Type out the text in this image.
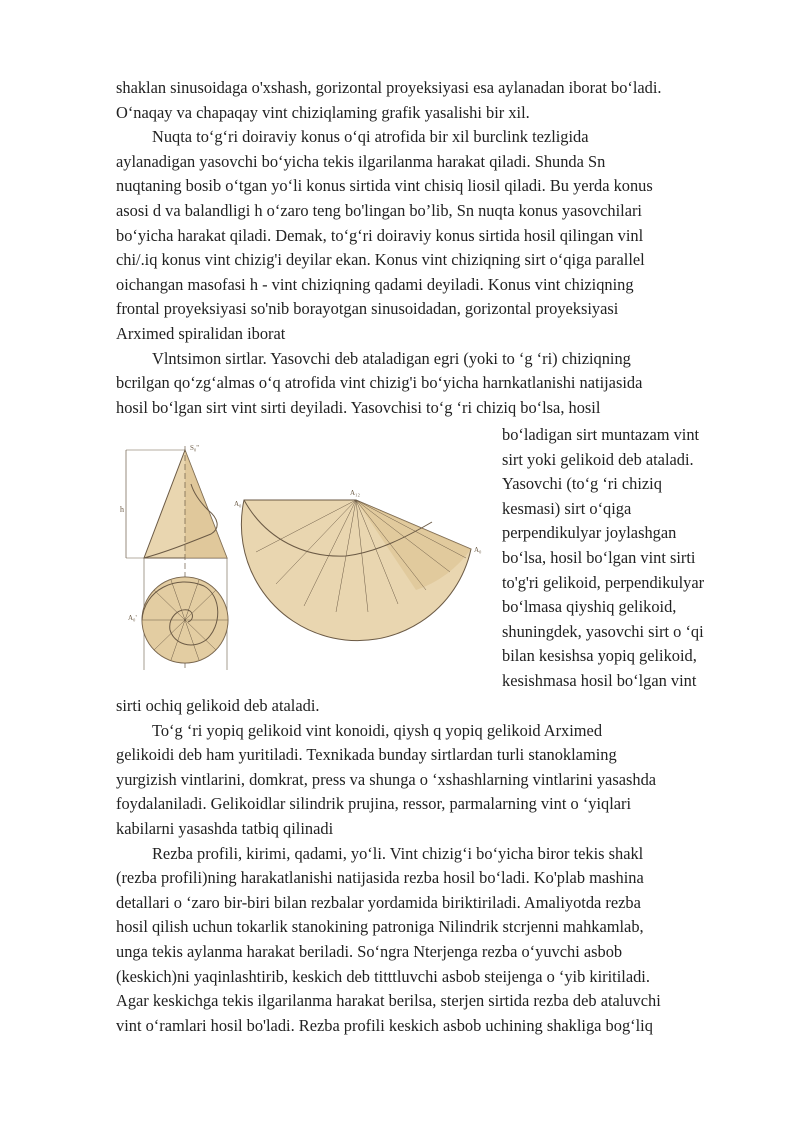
shaklan sinusoidaga o'xshash, gorizontal proyeksiyasi esa aylanadan iborat bo‘ladi.
O‘naqay va chapaqay vint chiziqlaming grafik yasalishi bir xil.
Nuqta to‘g‘ri doiraviy konus o‘qi atrofida bir xil burclink tezligida
aylanadigan yasovchi bo‘yicha tekis ilgarilanma harakat qiladi. Shunda Sn
nuqtaning bosib o‘tgan yo‘li konus sirtida vint chisiq liosil qiladi. Bu yerda konus
asosi d va balandligi h o‘zaro teng bo'lingan bo’lib, Sn nuqta konus yasovchilari
bo‘yicha harakat qiladi. Demak, to‘g‘ri doiraviy konus sirtida hosil qilingan vinl
chi/.iq konus vint chizig'i deyilar ekan. Konus vint chiziqning sirt o‘qiga parallel
oichangan masofasi h - vint chiziqning qadami deyiladi. Konus vint chiziqning
frontal proyeksiyasi so'nib borayotgan sinusoidadan, gorizontal proyeksiyasi
Arximed spiralidan iborat
Vlntsimon sirtlar. Yasovchi deb ataladigan egri (yoki to ‘g ‘ri) chiziqning
bcrilgan qo‘zg‘almas o‘q atrofida vint chizig'i bo‘yicha harnkatlanishi natijasida
hosil bo‘lgan sirt vint sirti deyiladi. Yasovchisi to‘g ‘ri chiziq bo‘lsa, hosil
h
S₀''
A₀'
A₁₂
A₀
A₀
bo‘ladigan sirt muntazam vint
sirt yoki gelikoid deb ataladi.
Yasovchi (to‘g ‘ri chiziq
kesmasi) sirt o‘qiga
perpendikulyar joylashgan
bo‘lsa, hosil bo‘lgan vint sirti
to'g'ri gelikoid, perpendikulyar
bo‘lmasa qiyshiq gelikoid,
shuningdek, yasovchi sirt o ‘qi
bilan kesishsa yopiq gelikoid,
kesishmasa hosil bo‘lgan vint
sirti ochiq gelikoid deb ataladi.
To‘g ‘ri yopiq gelikoid vint konoidi, qiysh q yopiq gelikoid Arximed
gelikoidi deb ham yuritiladi. Texnikada bunday sirtlardan turli stanoklaming
yurgizish vintlarini, domkrat, press va shunga o ‘xshashlarning vintlarini yasashda
foydalaniladi. Gelikoidlar silindrik prujina, ressor, parmalarning vint o ‘yiqlari
kabilarni yasashda tatbiq qilinadi
Rezba profili, kirimi, qadami, yo‘li. Vint chizig‘i bo‘yicha biror tekis shakl
(rezba profili)ning harakatlanishi natijasida rezba hosil bo‘ladi. Ko'plab mashina
detallari o ‘zaro bir-biri bilan rezbalar yordamida biriktiriladi. Amaliyotda rezba
hosil qilish uchun tokarlik stanokining patroniga Nilindrik stcrjenni mahkamlab,
unga tekis aylanma harakat beriladi. So‘ngra Nterjenga rezba o‘yuvchi asbob
(keskich)ni yaqinlashtirib, keskich deb titttluvchi asbob steijenga o ‘yib kiritiladi.
Agar keskichga tekis ilgarilanma harakat berilsa, sterjen sirtida rezba deb ataluvchi
vint o‘ramlari hosil bo'ladi. Rezba profili keskich asbob uchining shakliga bog‘liq
